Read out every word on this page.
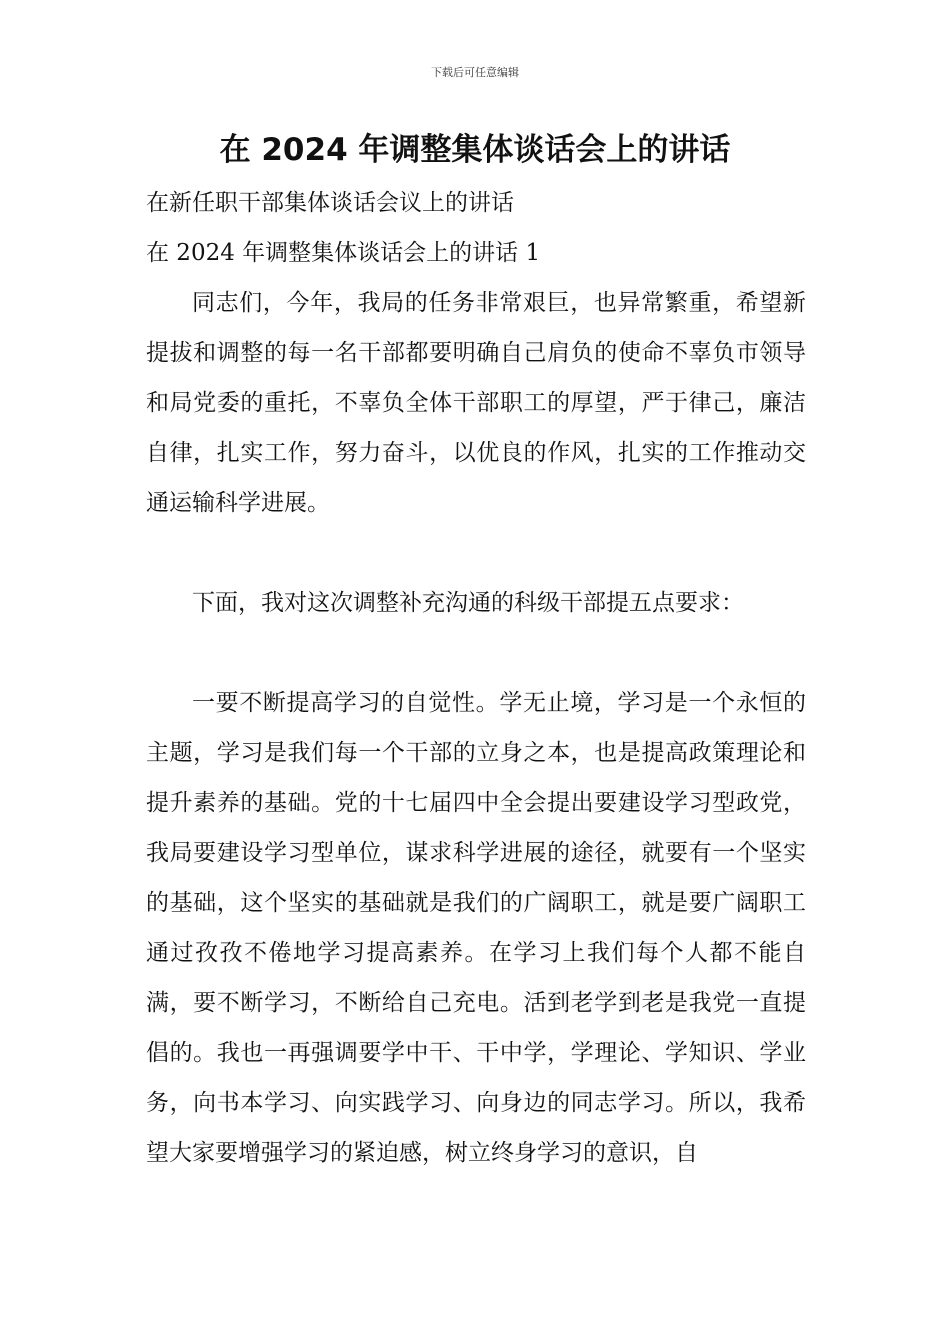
下载后可任意编辑
在 2024 年调整集体谈话会上的讲话

在新任职干部集体谈话会议上的讲话

在 2024 年调整集体谈话会上的讲话 1

同志们，今年，我局的任务非常艰巨，也异常繁重，希望新提拔和调整的每一名干部都要明确自己肩负的使命不辜负市领导和局党委的重托，不辜负全体干部职工的厚望，严于律己，廉洁自律，扎实工作，努力奋斗，以优良的作风，扎实的工作推动交通运输科学进展。

下面，我对这次调整补充沟通的科级干部提五点要求：

一要不断提高学习的自觉性。学无止境，学习是一个永恒的主题，学习是我们每一个干部的立身之本，也是提高政策理论和提升素养的基础。党的十七届四中全会提出要建设学习型政党，我局要建设学习型单位，谋求科学进展的途径，就要有一个坚实的基础，这个坚实的基础就是我们的广阔职工，就是要广阔职工通过孜孜不倦地学习提高素养。在学习上我们每个人都不能自满，要不断学习，不断给自己充电。活到老学到老是我党一直提倡的。我也一再强调要学中干、干中学，学理论、学知识、学业务，向书本学习、向实践学习、向身边的同志学习。所以，我希望大家要增强学习的紧迫感，树立终身学习的意识，自
